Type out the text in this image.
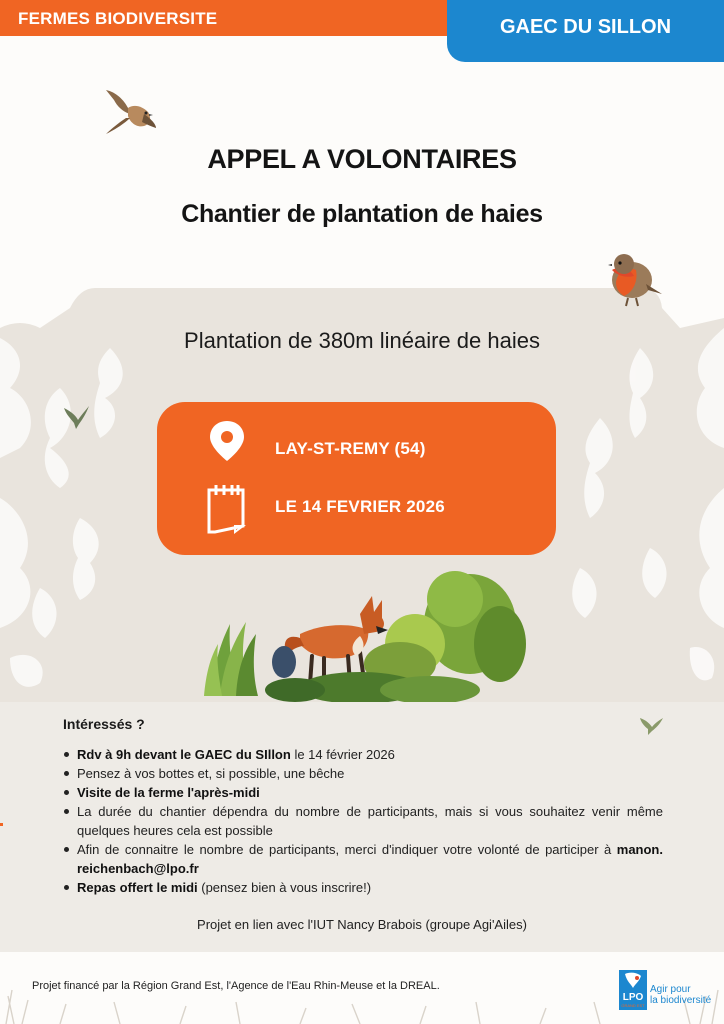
FERMES BIODIVERSITE	GAEC DU SILLON
APPEL A VOLONTAIRES
Chantier de plantation de haies
Plantation de 380m linéaire de haies
LAY-ST-REMY (54)
LE 14 FEVRIER 2026
Intéressés ?
Rdv à 9h devant le GAEC du SIllon le 14 février 2026
Pensez à vos bottes et, si possible, une bêche
Visite de la ferme l'après-midi
La durée du chantier dépendra du nombre de participants, mais si vous souhaitez venir même quelques heures cela est possible
Afin de connaitre le nombre de participants, merci d'indiquer votre volonté de participer à manon. reichenbach@lpo.fr
Repas offert le midi (pensez bien à vous inscrire!)
Projet en lien avec l'IUT Nancy Brabois (groupe Agi'Ailes)
Projet financé par la Région Grand Est, l'Agence de l'Eau Rhin-Meuse et la DREAL.
LPO
GRAND EST
Agir pour
la biodiversité
